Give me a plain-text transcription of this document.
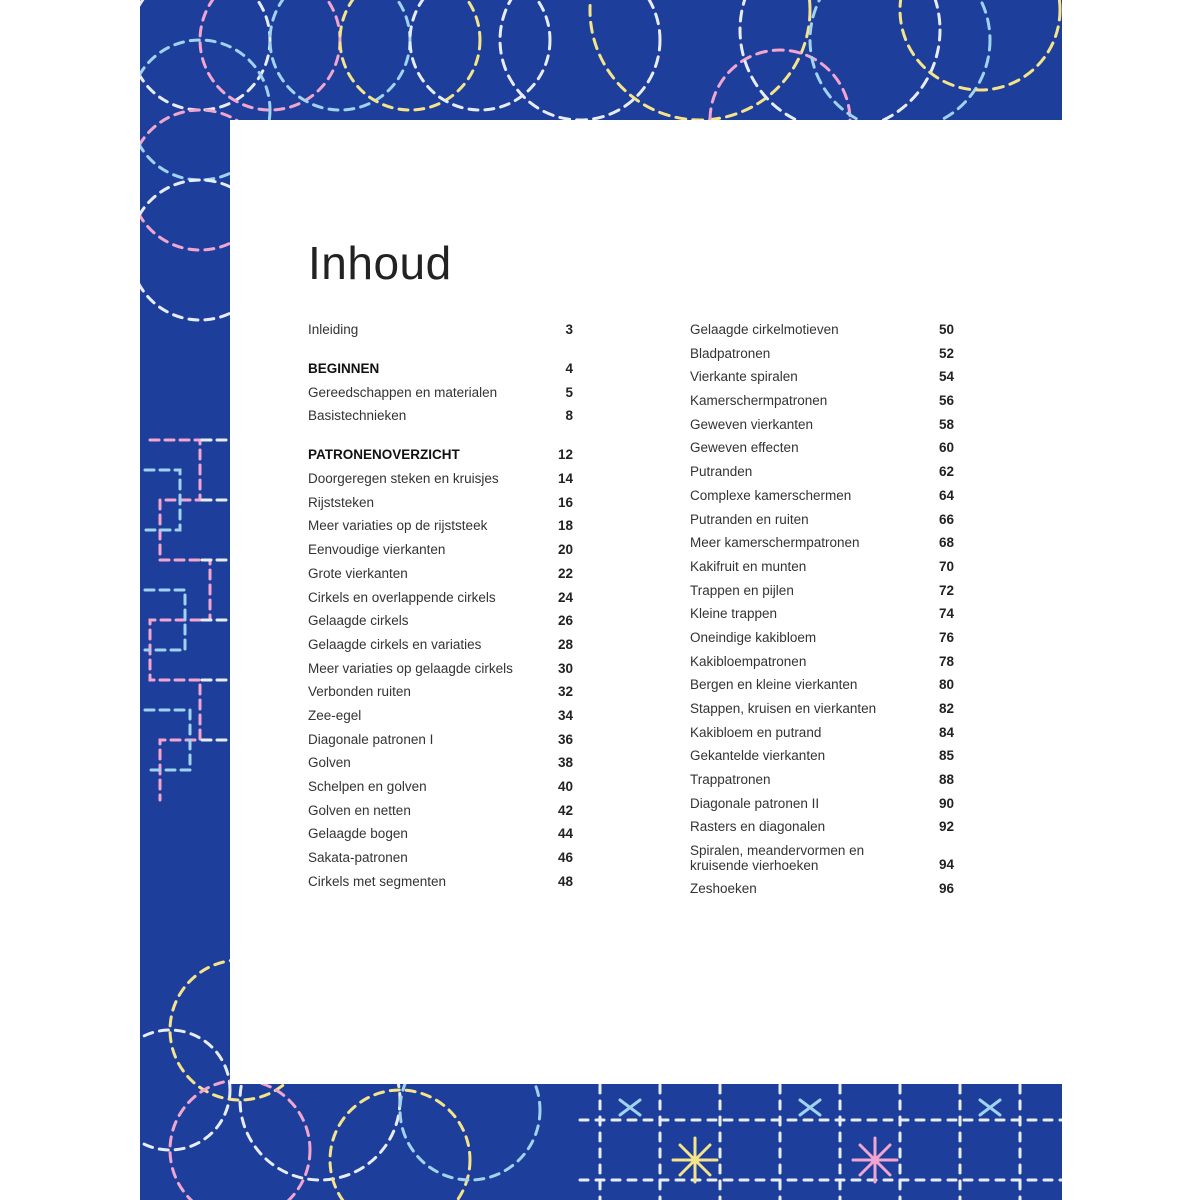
Inhoud
Inleiding	3
BEGINNEN	4
Gereedschappen en materialen	5
Basistechnieken	8
PATRONENOVERZICHT	12
Doorgeregen steken en kruisjes	14
Rijststeken	16
Meer variaties op de rijststeek	18
Eenvoudige vierkanten	20
Grote vierkanten	22
Cirkels en overlappende cirkels	24
Gelaagde cirkels	26
Gelaagde cirkels en variaties	28
Meer variaties op gelaagde cirkels	30
Verbonden ruiten	32
Zee-egel	34
Diagonale patronen I	36
Golven	38
Schelpen en golven	40
Golven en netten	42
Gelaagde bogen	44
Sakata-patronen	46
Cirkels met segmenten	48
Gelaagde cirkelmotieven	50
Bladpatronen	52
Vierkante spiralen	54
Kamerschermpatronen	56
Geweven vierkanten	58
Geweven effecten	60
Putranden	62
Complexe kamerschermen	64
Putranden en ruiten	66
Meer kamerschermpatronen	68
Kakifruit en munten	70
Trappen en pijlen	72
Kleine trappen	74
Oneindige kakibloem	76
Kakibloempatronen	78
Bergen en kleine vierkanten	80
Stappen, kruisen en vierkanten	82
Kakibloem en putrand	84
Gekantelde vierkanten	85
Trappatronen	88
Diagonale patronen II	90
Rasters en diagonalen	92
Spiralen, meandervormen en kruisende vierhoeken	94
Zeshoeken	96
